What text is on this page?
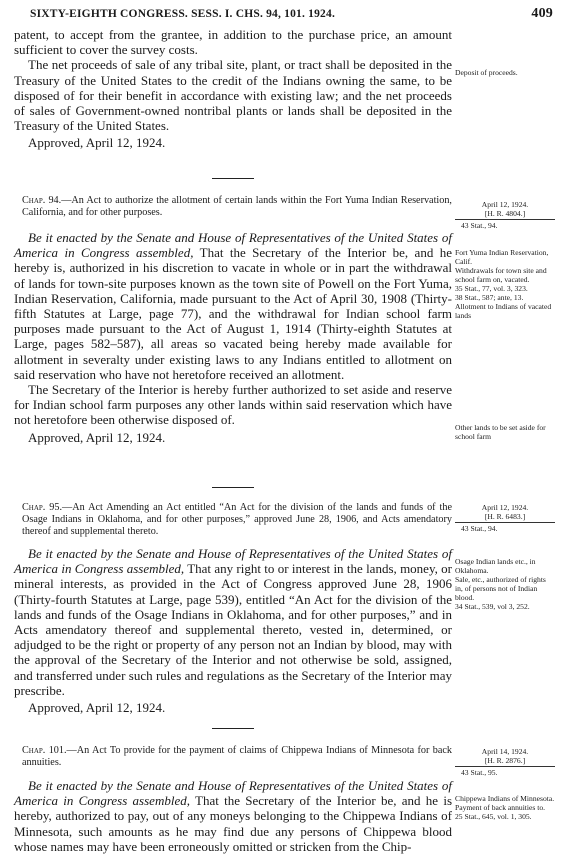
SIXTY-EIGHTH CONGRESS. SESS. I. CHS. 94, 101. 1924.	409

patent, to accept from the grantee, in addition to the purchase price, an amount sufficient to cover the survey costs.

The net proceeds of sale of any tribal site, plant, or tract shall be deposited in the Treasury of the United States to the credit of the Indians owning the same, to be disposed of for their benefit in accordance with existing law; and the net proceeds of sales of Government-owned nontribal plants or lands shall be deposited in the Treasury of the United States.

Approved, April 12, 1924.

Deposit of proceeds.
Chap. 94.—An Act to authorize the allotment of certain lands within the Fort Yuma Indian Reservation, California, and for other purposes.
April 12, 1924.
[H. R. 4804.]
43 Stat., 94.

Be it enacted by the Senate and House of Representatives of the United States of America in Congress assembled, That the Secretary of the Interior be, and he hereby is, authorized in his discretion to vacate in whole or in part the withdrawal of lands for town-site purposes known as the town site of Powell on the Fort Yuma, Indian Reservation, California, made pursuant to the Act of April 30, 1908 (Thirty-fifth Statutes at Large, page 77), and the withdrawal for Indian school farm purposes made pursuant to the Act of August 1, 1914 (Thirty-eighth Statutes at Large, pages 582–587), all areas so vacated being hereby made available for allotment in severalty under existing laws to any Indians entitled to allotment on said reservation who have not heretofore received an allotment.

The Secretary of the Interior is hereby further authorized to set aside and reserve for Indian school farm purposes any other lands within said reservation which have not heretofore been otherwise disposed of.

Approved, April 12, 1924.

Fort Yuma Indian Reservation, Calif.
Withdrawals for town site and school farm on, vacated.
35 Stat., 77, vol. 3, 323.
38 Stat., 587; ante, 13.
Allotment to Indians of vacated lands
Other lands to be set aside for school farm
Chap. 95.—An Act Amending an Act entitled “An Act for the division of the lands and funds of the Osage Indians in Oklahoma, and for other purposes,” approved June 28, 1906, and Acts amendatory thereof and supplemental thereto.
April 12, 1924.
[H. R. 6483.]
43 Stat., 94.

Be it enacted by the Senate and House of Representatives of the United States of America in Congress assembled, That any right to or interest in the lands, money, or mineral interests, as provided in the Act of Congress approved June 28, 1906 (Thirty-fourth Statutes at Large, page 539), entitled “An Act for the division of the lands and funds of the Osage Indians in Oklahoma, and for other purposes,” and in Acts amendatory thereof and supplemental thereto, vested in, determined, or adjudged to be the right or property of any person not an Indian by blood, may with the approval of the Secretary of the Interior and not otherwise be sold, assigned, and transferred under such rules and regulations as the Secretary of the Interior may prescribe.

Approved, April 12, 1924.

Osage Indian lands etc., in Oklahoma.
Sale, etc., authorized of rights in, of persons not of Indian blood.
34 Stat., 539, vol 3, 252.
Chap. 101.—An Act To provide for the payment of claims of Chippewa Indians of Minnesota for back annuities.
April 14, 1924.
[H. R. 2876.]
43 Stat., 95.

Be it enacted by the Senate and House of Representatives of the United States of America in Congress assembled, That the Secretary of the Interior be, and he is hereby, authorized to pay, out of any moneys belonging to the Chippewa Indians of Minnesota, such amounts as he may find due any persons of Chippewa blood whose names may have been erroneously omitted or stricken from the Chip-

Chippewa Indians of Minnesota.
Payment of back annuities to.
25 Stat., 645, vol. 1, 305.
